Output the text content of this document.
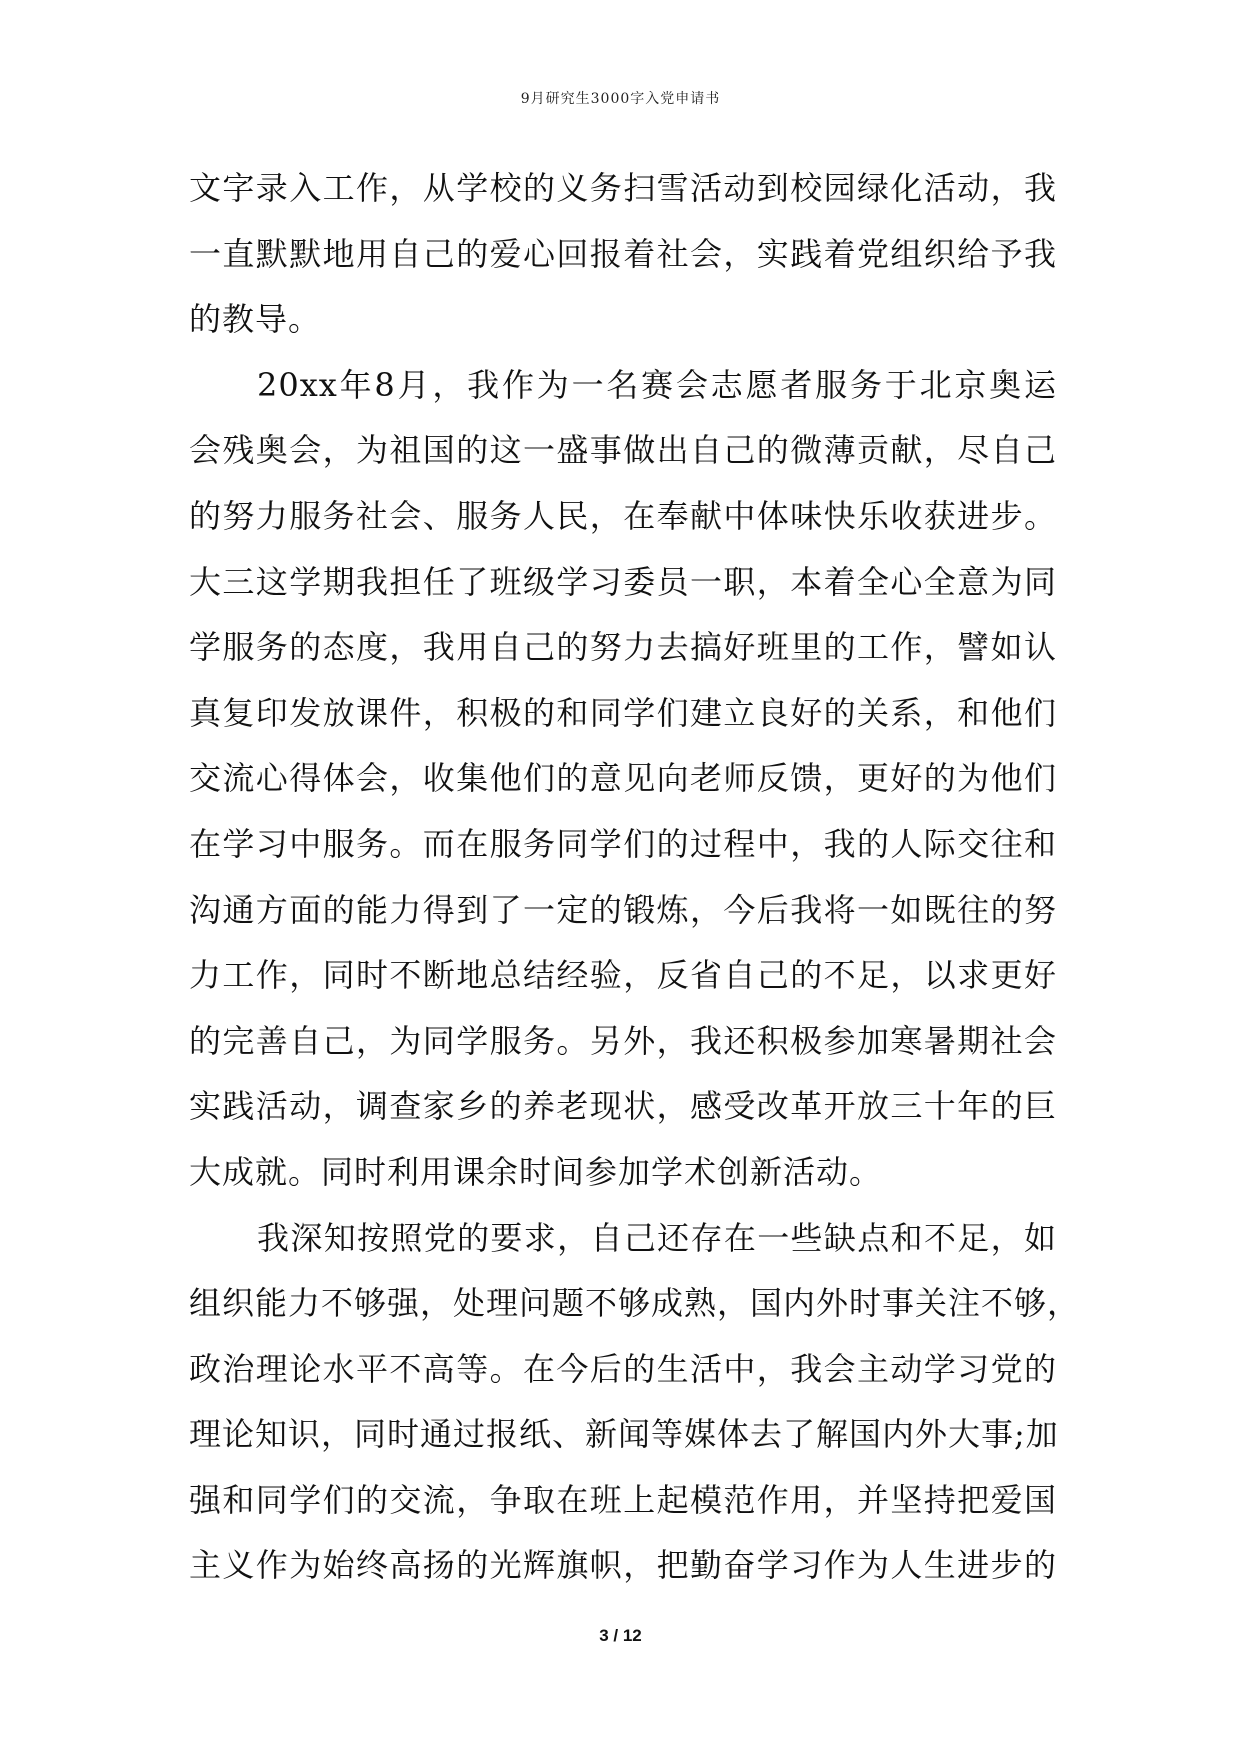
9月研究生3000字入党申请书
文字录入工作，从学校的义务扫雪活动到校园绿化活动，我
一直默默地用自己的爱心回报着社会，实践着党组织给予我
的教导。
20xx年8月，我作为一名赛会志愿者服务于北京奥运
会残奥会，为祖国的这一盛事做出自己的微薄贡献，尽自己
的努力服务社会、服务人民，在奉献中体味快乐收获进步。
大三这学期我担任了班级学习委员一职，本着全心全意为同
学服务的态度，我用自己的努力去搞好班里的工作，譬如认
真复印发放课件，积极的和同学们建立良好的关系，和他们
交流心得体会，收集他们的意见向老师反馈，更好的为他们
在学习中服务。而在服务同学们的过程中，我的人际交往和
沟通方面的能力得到了一定的锻炼，今后我将一如既往的努
力工作，同时不断地总结经验，反省自己的不足，以求更好
的完善自己，为同学服务。另外，我还积极参加寒暑期社会
实践活动，调查家乡的养老现状，感受改革开放三十年的巨
大成就。同时利用课余时间参加学术创新活动。
我深知按照党的要求，自己还存在一些缺点和不足，如
组织能力不够强，处理问题不够成熟，国内外时事关注不够，
政治理论水平不高等。在今后的生活中，我会主动学习党的
理论知识，同时通过报纸、新闻等媒体去了解国内外大事;加
强和同学们的交流，争取在班上起模范作用，并坚持把爱国
主义作为始终高扬的光辉旗帜，把勤奋学习作为人生进步的
3 / 12
